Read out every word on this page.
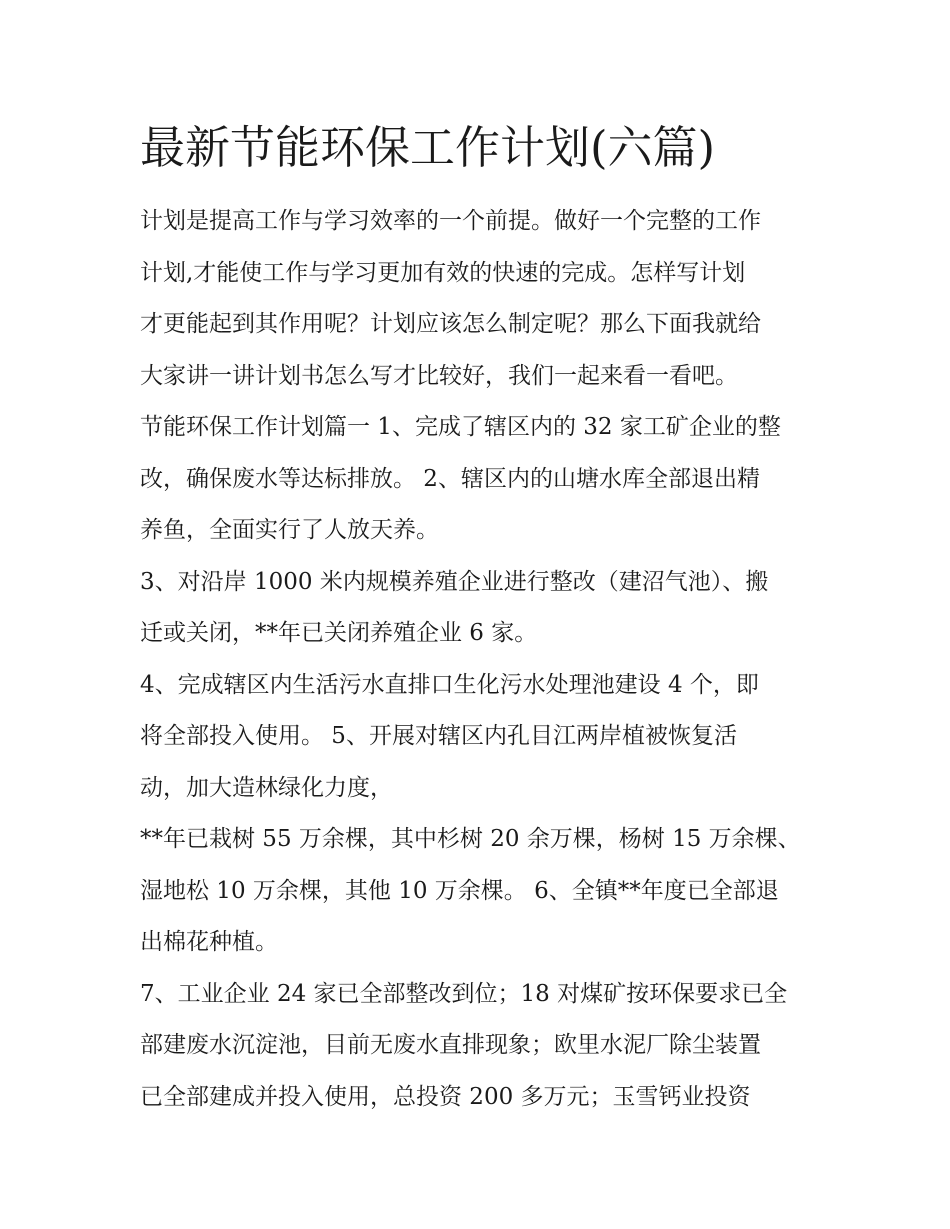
最新节能环保工作计划(六篇)

计划是提高工作与学习效率的一个前提。做好一个完整的工作
计划,才能使工作与学习更加有效的快速的完成。怎样写计划
才更能起到其作用呢？计划应该怎么制定呢？那么下面我就给
大家讲一讲计划书怎么写才比较好，我们一起来看一看吧。

节能环保工作计划篇一 1、完成了辖区内的 32 家工矿企业的整
改，确保废水等达标排放。 2、辖区内的山塘水库全部退出精
养鱼，全面实行了人放天养。

3、对沿岸 1000 米内规模养殖企业进行整改（建沼气池）、搬
迁或关闭，**年已关闭养殖企业 6 家。

4、完成辖区内生活污水直排口生化污水处理池建设 4 个，即
将全部投入使用。 5、开展对辖区内孔目江两岸植被恢复活
动，加大造林绿化力度，

**年已栽树 55 万余棵，其中杉树 20 余万棵，杨树 15 万余棵、
湿地松 10 万余棵，其他 10 万余棵。 6、全镇**年度已全部退
出棉花种植。

7、工业企业 24 家已全部整改到位；18 对煤矿按环保要求已全
部建废水沉淀池，目前无废水直排现象；欧里水泥厂除尘装置
已全部建成并投入使用，总投资 200 多万元；玉雪钙业投资
